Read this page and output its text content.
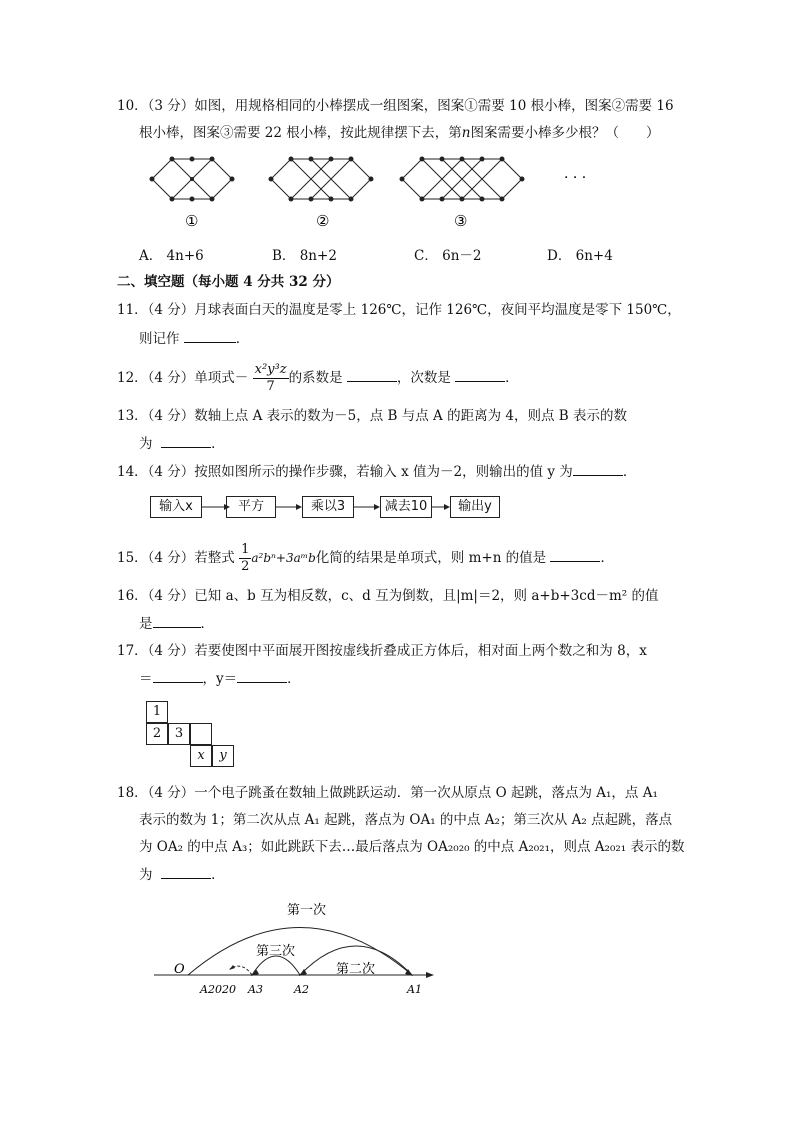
10．（3 分）如图，用规格相同的小棒摆成一组图案，图案①需要 10 根小棒，图案②需要 16
根小棒，图案③需要 22 根小棒，按此规律摆下去，第n图案需要小棒多少根？（　　）
· · ·
①	②	③
A． 4n+6	B． 8n+2	C． 6n－2	D． 6n+4
二、填空题（每小题 4 分共 32 分）
11．（4 分）月球表面白天的温度是零上 126℃，记作 126℃，夜间平均温度是零下 150℃，
则记作	．
12．（4 分）单项式－ $\frac{\text{x²y³z}}{7}$ 的系数是	，次数是	．
13．（4 分）数轴上点 A 表示的数为－5，点 B 与点 A 的距离为 4，则点 B 表示的数
为	．
14．（4 分）按照如图所示的操作步骤，若输入 x 值为－2，则输出的值 y 为	．
输入x	平方	乘以3	减去10	输出y
15．（4 分）若整式 $\frac{1}{2}$ a²bⁿ+3aᵐb化简的结果是单项式，则 m+n 的值是	．
16．（4 分）已知 a、b 互为相反数，c、d 互为倒数，且|m|＝2，则 a+b+3cd－m² 的值
是	．
17．（4 分）若要使图中平面展开图按虚线折叠成正方体后，相对面上两个数之和为 8，x
＝	，y＝	．
1
2	3
x	y
18．（4 分）一个电子跳蚤在数轴上做跳跃运动．第一次从原点 O 起跳，落点为 A₁，点 A₁
表示的数为 1；第二次从点 A₁ 起跳，落点为 OA₁ 的中点 A₂；第三次从 A₂ 点起跳，落点
为 OA₂ 的中点 A₃；如此跳跃下去…最后落点为 OA₂₀₂₀ 的中点 A₂₀₂₁，则点 A₂₀₂₁ 表示的数
为	．
第一次
第三次
第二次
O
A2020 A3	A2	A1
